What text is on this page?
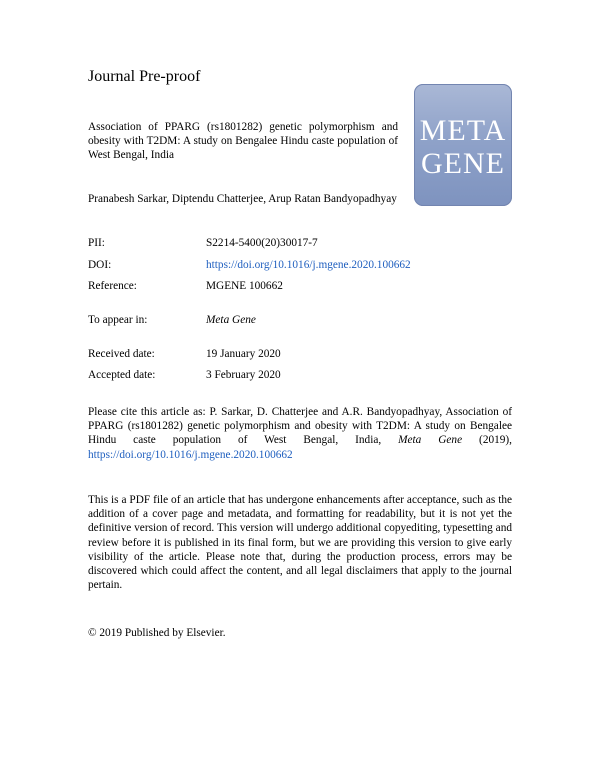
Journal Pre-proof
Association of PPARG (rs1801282) genetic polymorphism and obesity with T2DM: A study on Bengalee Hindu caste population of West Bengal, India
META
GENE
Pranabesh Sarkar, Diptendu Chatterjee, Arup Ratan Bandyopadhyay
PII:	S2214-5400(20)30017-7
DOI:	https://doi.org/10.1016/j.mgene.2020.100662
Reference:	MGENE 100662
To appear in:	Meta Gene
Received date:	19 January 2020
Accepted date:	3 February 2020
Please cite this article as: P. Sarkar, D. Chatterjee and A.R. Bandyopadhyay, Association of PPARG (rs1801282) genetic polymorphism and obesity with T2DM: A study on Bengalee Hindu caste population of West Bengal, India, Meta Gene (2019), https://doi.org/10.1016/j.mgene.2020.100662
This is a PDF file of an article that has undergone enhancements after acceptance, such as the addition of a cover page and metadata, and formatting for readability, but it is not yet the definitive version of record. This version will undergo additional copyediting, typesetting and review before it is published in its final form, but we are providing this version to give early visibility of the article. Please note that, during the production process, errors may be discovered which could affect the content, and all legal disclaimers that apply to the journal pertain.
© 2019 Published by Elsevier.
